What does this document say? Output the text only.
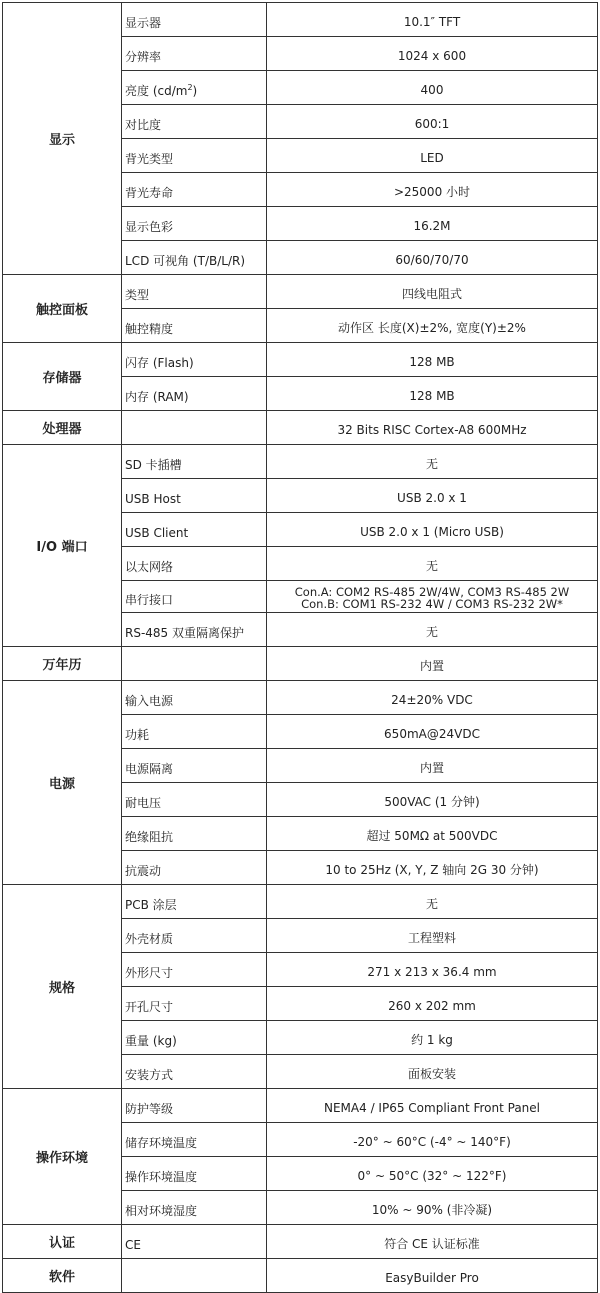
显示	显示器	10.1″ TFT
	分辨率	1024 x 600
	亮度 $(cd/m^2)$	400
	对比度	600:1
	背光类型	LED
	背光寿命	>25000 小时
	显示色彩	16.2M
	LCD 可视角 (T/B/L/R)	60/60/70/70
触控面板	类型	四线电阻式
	触控精度	动作区 长度(X)±2%, 宽度(Y)±2%
存储器	闪存 (Flash)	128 MB
	内存 (RAM)	128 MB
处理器		32 Bits RISC Cortex-A8 600MHz
I/O 端口	SD 卡插槽	无
	USB Host	USB 2.0 x 1
	USB Client	USB 2.0 x 1 (Micro USB)
	以太网络	无
	串行接口	Con.A: COM2 RS-485 2W/4W, COM3 RS-485 2W
Con.B: COM1 RS-232 4W / COM3 RS-232 2W*

	RS-485 双重隔离保护	无
万年历		内置
电源	输入电源	24±20% VDC
	功耗	650mA@24VDC
	电源隔离	内置
	耐电压	500VAC (1 分钟)
	绝缘阻抗	超过 50MΩ at 500VDC
	抗震动	10 to 25Hz (X, Y, Z 轴向 2G 30 分钟)
规格	PCB 涂层	无
	外壳材质	工程塑料
	外形尺寸	271 x 213 x 36.4 mm
	开孔尺寸	260 x 202 mm
	重量 (kg)	约 1 kg
	安装方式	面板安装
操作环境	防护等级	NEMA4 / IP65 Compliant Front Panel
	储存环境温度	-20° ~ 60°C (-4° ~ 140°F)
	操作环境温度	0° ~ 50°C (32° ~ 122°F)
	相对环境湿度	10% ~ 90% (非冷凝)
认证	CE	符合 CE 认证标准
软件		EasyBuilder Pro
